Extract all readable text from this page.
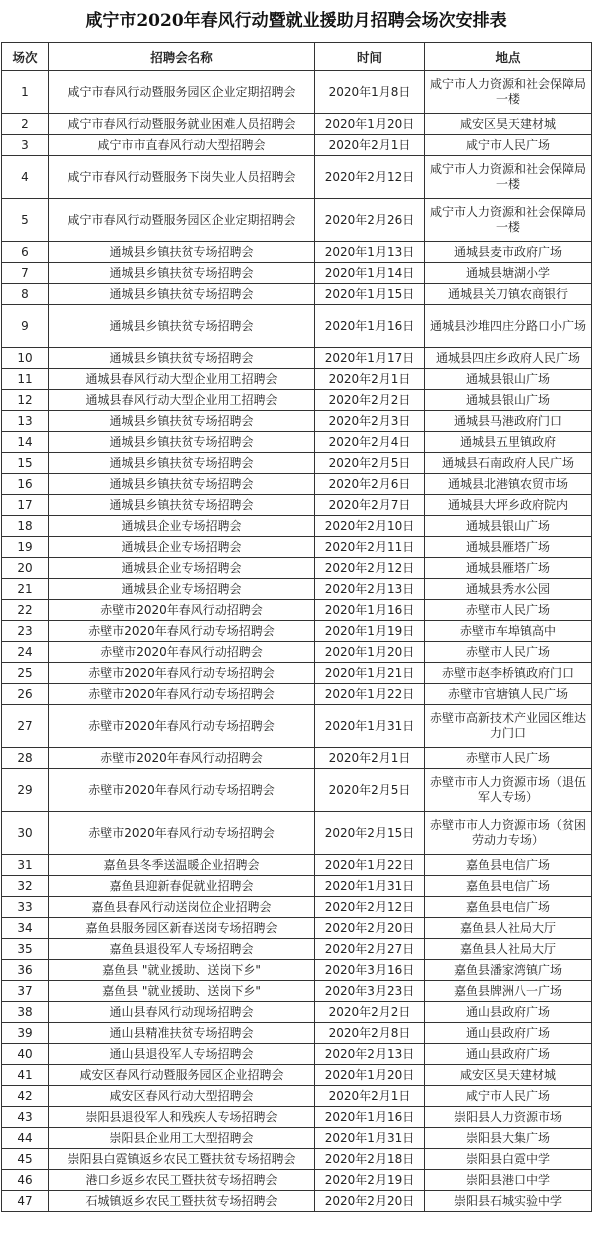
咸宁市2020年春风行动暨就业援助月招聘会场次安排表
场次	招聘会名称	时间	地点
1	咸宁市春风行动暨服务园区企业定期招聘会	2020年1月8日	咸宁市人力资源和社会保障局一楼
2	咸宁市春风行动暨服务就业困难人员招聘会	2020年1月20日	咸安区昊天建材城
3	咸宁市市直春风行动大型招聘会	2020年2月1日	咸宁市人民广场
4	咸宁市春风行动暨服务下岗失业人员招聘会	2020年2月12日	咸宁市人力资源和社会保障局一楼
5	咸宁市春风行动暨服务园区企业定期招聘会	2020年2月26日	咸宁市人力资源和社会保障局一楼
6	通城县乡镇扶贫专场招聘会	2020年1月13日	通城县麦市政府广场
7	通城县乡镇扶贫专场招聘会	2020年1月14日	通城县塘湖小学
8	通城县乡镇扶贫专场招聘会	2020年1月15日	通城县关刀镇农商银行
9	通城县乡镇扶贫专场招聘会	2020年1月16日	通城县沙堆四庄分路口小广场
10	通城县乡镇扶贫专场招聘会	2020年1月17日	通城县四庄乡政府人民广场
11	通城县春风行动大型企业用工招聘会	2020年2月1日	通城县银山广场
12	通城县春风行动大型企业用工招聘会	2020年2月2日	通城县银山广场
13	通城县乡镇扶贫专场招聘会	2020年2月3日	通城县马港政府门口
14	通城县乡镇扶贫专场招聘会	2020年2月4日	通城县五里镇政府
15	通城县乡镇扶贫专场招聘会	2020年2月5日	通城县石南政府人民广场
16	通城县乡镇扶贫专场招聘会	2020年2月6日	通城县北港镇农贸市场
17	通城县乡镇扶贫专场招聘会	2020年2月7日	通城县大坪乡政府院内
18	通城县企业专场招聘会	2020年2月10日	通城县银山广场
19	通城县企业专场招聘会	2020年2月11日	通城县雁塔广场
20	通城县企业专场招聘会	2020年2月12日	通城县雁塔广场
21	通城县企业专场招聘会	2020年2月13日	通城县秀水公园
22	赤壁市2020年春风行动招聘会	2020年1月16日	赤壁市人民广场
23	赤壁市2020年春风行动专场招聘会	2020年1月19日	赤壁市车埠镇高中
24	赤壁市2020年春风行动招聘会	2020年1月20日	赤壁市人民广场
25	赤壁市2020年春风行动专场招聘会	2020年1月21日	赤壁市赵李桥镇政府门口
26	赤壁市2020年春风行动专场招聘会	2020年1月22日	赤壁市官塘镇人民广场
27	赤壁市2020年春风行动专场招聘会	2020年1月31日	赤壁市高新技术产业园区维达力门口
28	赤壁市2020年春风行动招聘会	2020年2月1日	赤壁市人民广场
29	赤壁市2020年春风行动专场招聘会	2020年2月5日	赤壁市市人力资源市场（退伍军人专场）
30	赤壁市2020年春风行动专场招聘会	2020年2月15日	赤壁市市人力资源市场（贫困劳动力专场）
31	嘉鱼县冬季送温暖企业招聘会	2020年1月22日	嘉鱼县电信广场
32	嘉鱼县迎新春促就业招聘会	2020年1月31日	嘉鱼县电信广场
33	嘉鱼县春风行动送岗位企业招聘会	2020年2月12日	嘉鱼县电信广场
34	嘉鱼县服务园区新春送岗专场招聘会	2020年2月20日	嘉鱼县人社局大厅
35	嘉鱼县退役军人专场招聘会	2020年2月27日	嘉鱼县人社局大厅
36	嘉鱼县 "就业援助、送岗下乡"	2020年3月16日	嘉鱼县潘家湾镇广场
37	嘉鱼县 "就业援助、送岗下乡"	2020年3月23日	嘉鱼县牌洲八一广场
38	通山县春风行动现场招聘会	2020年2月2日	通山县政府广场
39	通山县精准扶贫专场招聘会	2020年2月8日	通山县政府广场
40	通山县退役军人专场招聘会	2020年2月13日	通山县政府广场
41	咸安区春风行动暨服务园区企业招聘会	2020年1月20日	咸安区昊天建材城
42	咸安区春风行动大型招聘会	2020年2月1日	咸宁市人民广场
43	崇阳县退役军人和残疾人专场招聘会	2020年1月16日	崇阳县人力资源市场
44	崇阳县企业用工大型招聘会	2020年1月31日	崇阳县大集广场
45	崇阳县白霓镇返乡农民工暨扶贫专场招聘会	2020年2月18日	崇阳县白霓中学
46	港口乡返乡农民工暨扶贫专场招聘会	2020年2月19日	崇阳县港口中学
47	石城镇返乡农民工暨扶贫专场招聘会	2020年2月20日	崇阳县石城实验中学
